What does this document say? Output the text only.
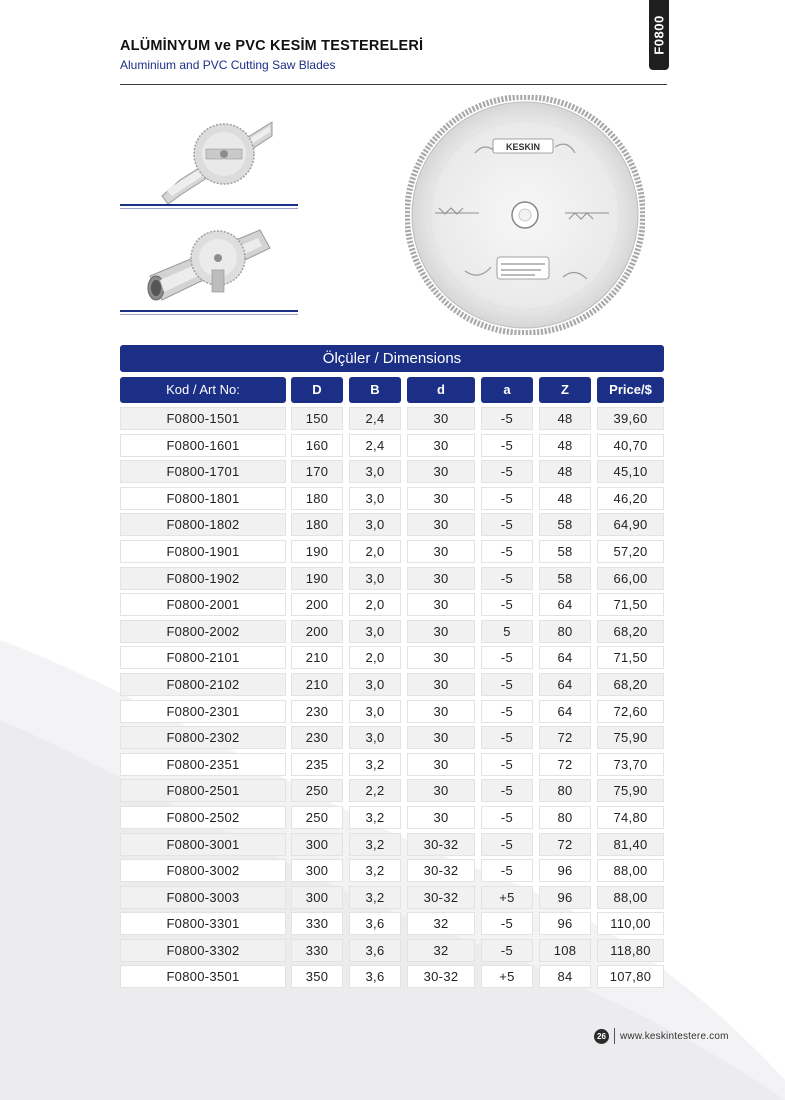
ALÜMİNYUM ve PVC KESİM TESTERELERİ
Aluminium and PVC Cutting Saw Blades
F0800
KESKIN
Ölçüler / Dimensions
Kod / Art No:	D	B	d	a	Z	Price/$
F0800-1501	150	2,4	30	-5	48	39,60
F0800-1601	160	2,4	30	-5	48	40,70
F0800-1701	170	3,0	30	-5	48	45,10
F0800-1801	180	3,0	30	-5	48	46,20
F0800-1802	180	3,0	30	-5	58	64,90
F0800-1901	190	2,0	30	-5	58	57,20
F0800-1902	190	3,0	30	-5	58	66,00
F0800-2001	200	2,0	30	-5	64	71,50
F0800-2002	200	3,0	30	5	80	68,20
F0800-2101	210	2,0	30	-5	64	71,50
F0800-2102	210	3,0	30	-5	64	68,20
F0800-2301	230	3,0	30	-5	64	72,60
F0800-2302	230	3,0	30	-5	72	75,90
F0800-2351	235	3,2	30	-5	72	73,70
F0800-2501	250	2,2	30	-5	80	75,90
F0800-2502	250	3,2	30	-5	80	74,80
F0800-3001	300	3,2	30-32	-5	72	81,40
F0800-3002	300	3,2	30-32	-5	96	88,00
F0800-3003	300	3,2	30-32	+5	96	88,00
F0800-3301	330	3,6	32	-5	96	110,00
F0800-3302	330	3,6	32	-5	108	118,80
F0800-3501	350	3,6	30-32	+5	84	107,80
26	www.keskintestere.com
